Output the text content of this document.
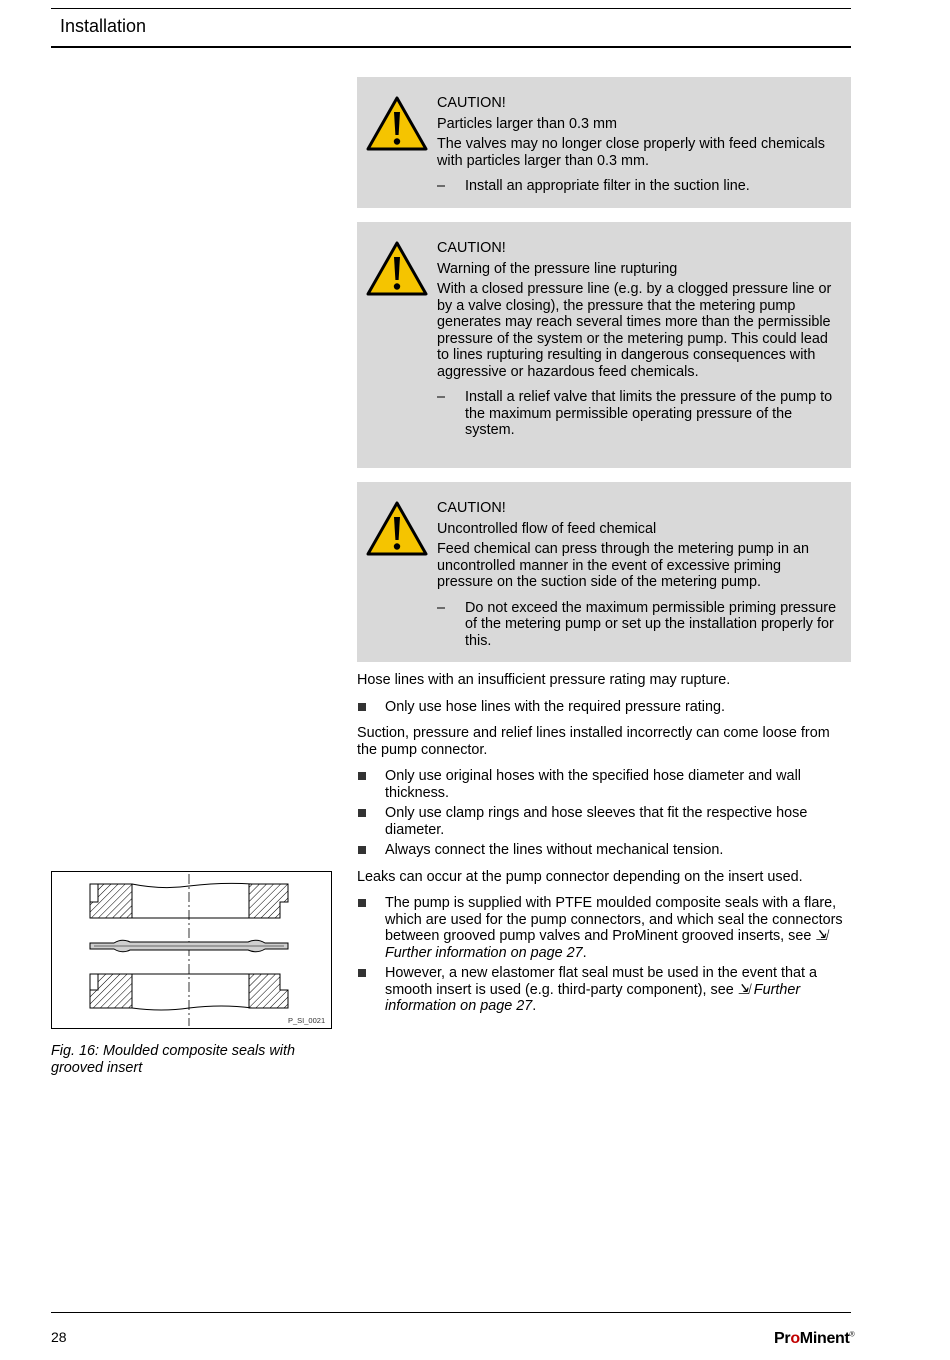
Installation

CAUTION!

Particles larger than 0.3 mm

The valves may no longer close properly with feed chemicals with particles larger than 0.3 mm.

– Install an appropriate filter in the suction line.

CAUTION!

Warning of the pressure line rupturing

With a closed pressure line (e.g. by a clogged pressure line or by a valve closing), the pressure that the metering pump generates may reach several times more than the permissible pressure of the system or the metering pump. This could lead to lines rupturing resulting in dangerous consequences with aggressive or hazardous feed chemicals.

– Install a relief valve that limits the pressure of the pump to the maximum permissible operating pressure of the system.

CAUTION!

Uncontrolled flow of feed chemical

Feed chemical can press through the metering pump in an uncontrolled manner in the event of excessive priming pressure on the suction side of the metering pump.

– Do not exceed the maximum permissible priming pressure of the metering pump or set up the installation properly for this.

Hose lines with an insufficient pressure rating may rupture.

Only use hose lines with the required pressure rating.

Suction, pressure and relief lines installed incorrectly can come loose from the pump connector.

Only use original hoses with the specified hose diameter and wall thickness.

Only use clamp rings and hose sleeves that fit the respective hose diameter.

Always connect the lines without mechanical tension.

Leaks can occur at the pump connector depending on the insert used.

The pump is supplied with PTFE moulded composite seals with a flare, which are used for the pump connectors, and which seal the connectors between grooved pump valves and ProMinent grooved inserts, see ⇲ Further information on page 27.

However, a new elastomer flat seal must be used in the event that a smooth insert is used (e.g. third-party component), see ⇲ Further information on page 27.

P_SI_0021
Fig. 16: Moulded composite seals with grooved insert
28	ProMinent®
